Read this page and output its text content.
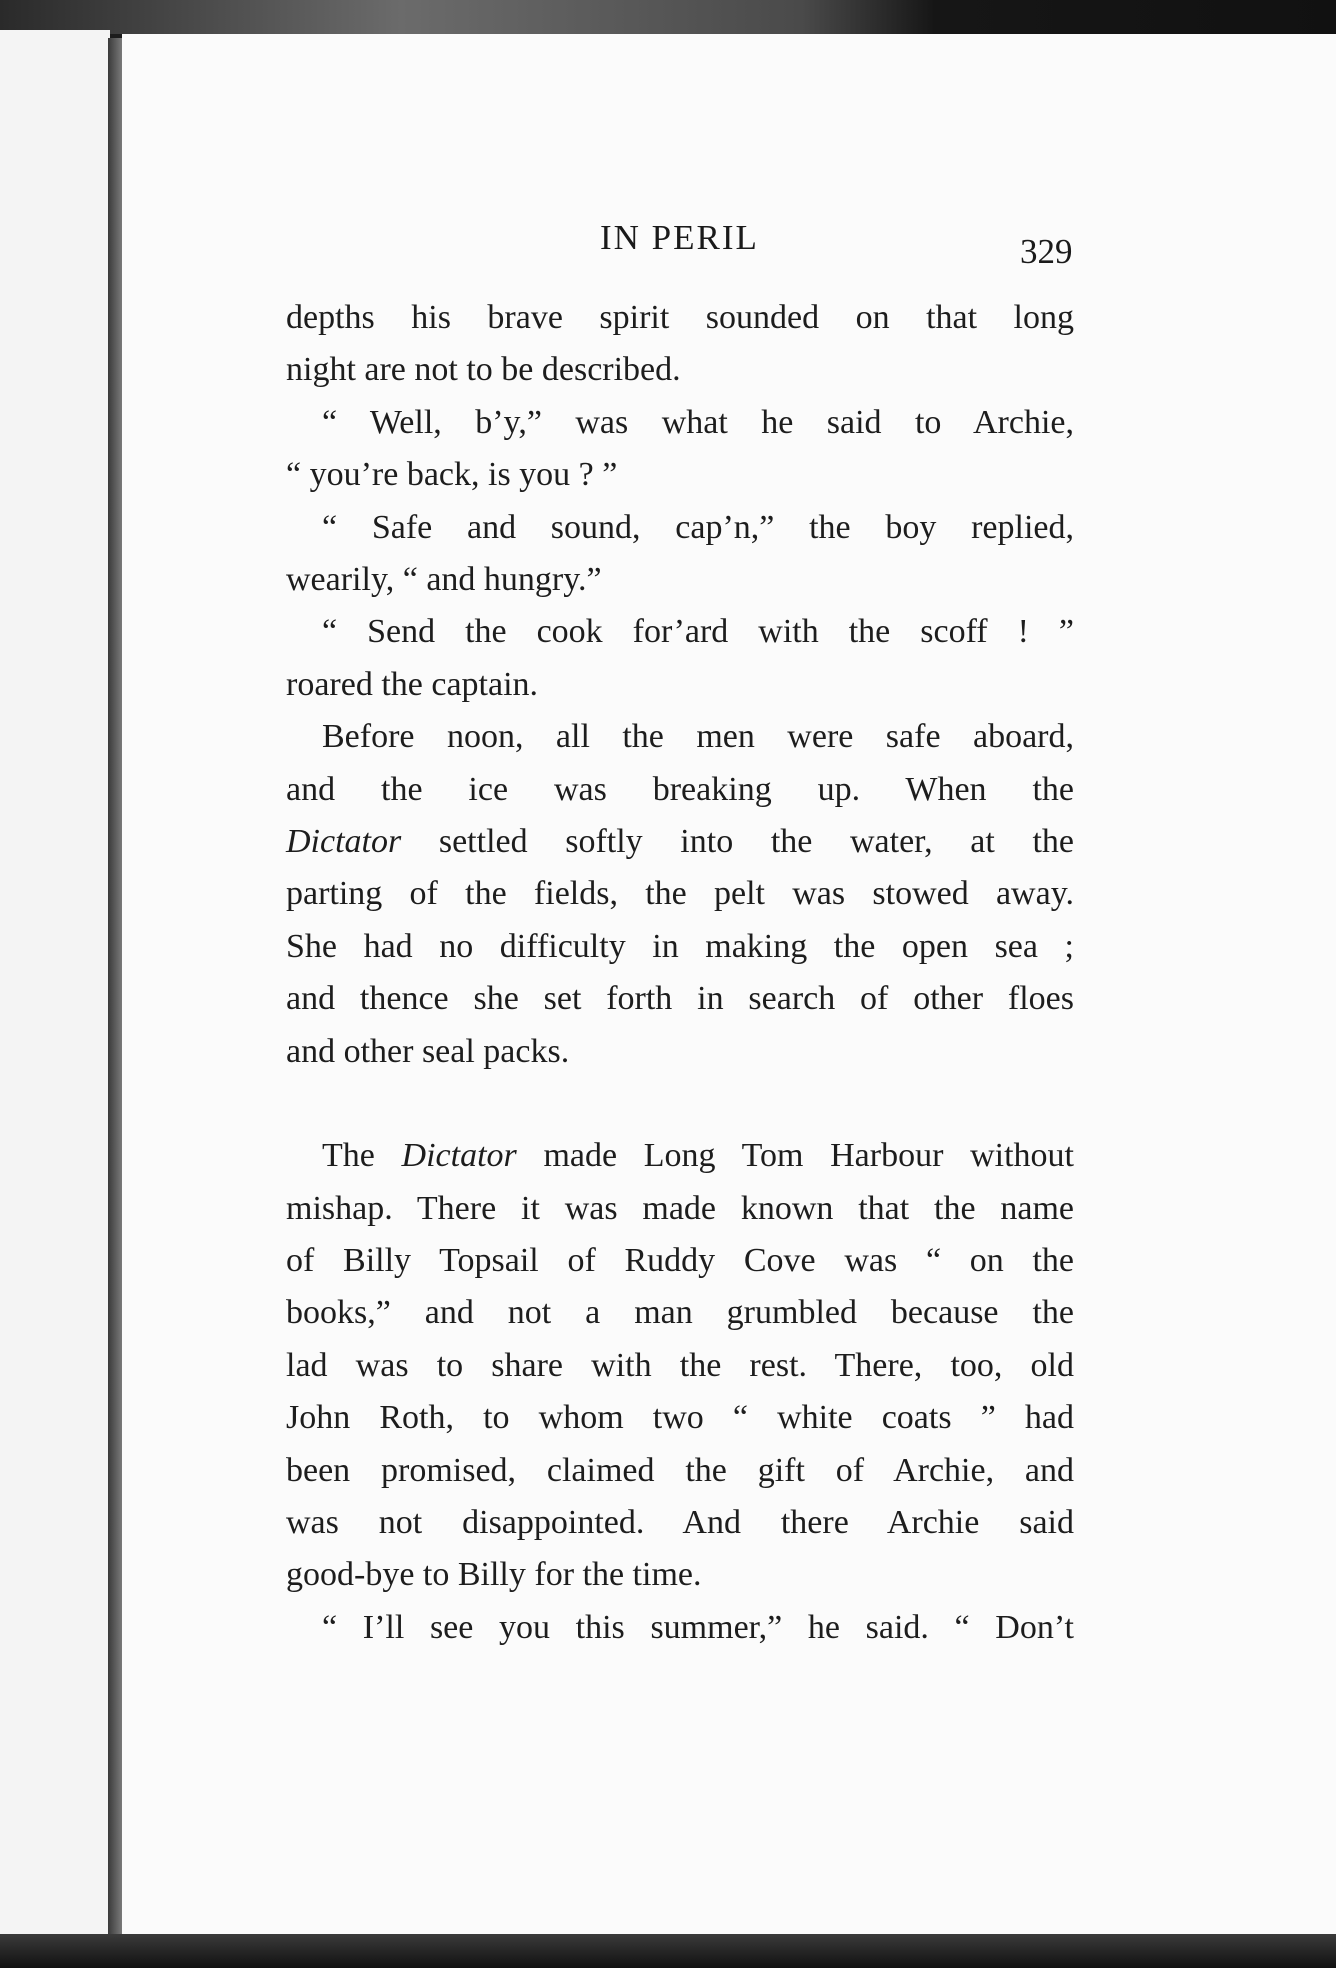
IN PERIL	329
depths his brave spirit sounded on that long
night are not to be described.
“ Well, b’y,” was what he said to Archie,
“ you’re back, is you ? ”
“ Safe and sound, cap’n,” the boy replied,
wearily, “ and hungry.”
“ Send the cook for’ard with the scoff ! ”
roared the captain.
Before noon, all the men were safe aboard,
and the ice was breaking up. When the
Dictator settled softly into the water, at the
parting of the fields, the pelt was stowed away.
She had no difficulty in making the open sea ;
and thence she set forth in search of other floes
and other seal packs.
The Dictator made Long Tom Harbour without
mishap. There it was made known that the name
of Billy Topsail of Ruddy Cove was “ on the
books,” and not a man grumbled because the
lad was to share with the rest. There, too, old
John Roth, to whom two “ white coats ” had
been promised, claimed the gift of Archie, and
was not disappointed. And there Archie said
good-bye to Billy for the time.
“ I’ll see you this summer,” he said. “ Don’t
